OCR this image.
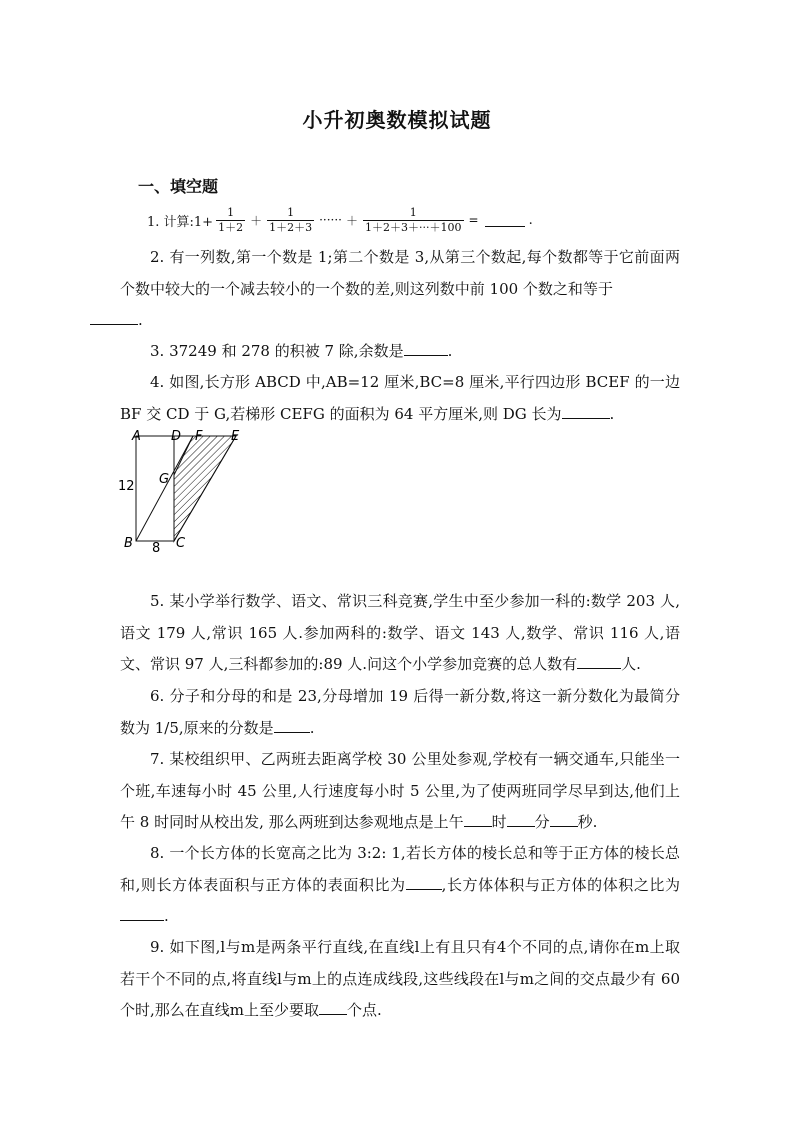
小升初奥数模拟试题
一、填空题
1. 计算:1+ $\frac{1}{1+2} + \frac{1}{1+2+3}$ ······ ＋ $\frac{1}{1+2+3+\cdot\cdot\cdot+100}$ =	.

2. 有一列数,第一个数是 1;第二个数是 3,从第三个数起,每个数都等于它前面两个数中较大的一个减去较小的一个数的差,则这列数中前 100 个数之和等于
.

3. 37249 和 278 的积被 7 除,余数是	.

4. 如图,长方形 ABCD 中,AB=12 厘米,BC=8 厘米,平行四边形 BCEF 的一边 BF 交 CD 于 G,若梯形 CEFG 的面积为 64 平方厘米,则 DG 长为	.

A D F E
G
B	C
12
8

5. 某小学举行数学、语文、常识三科竞赛,学生中至少参加一科的:数学 203 人,语文 179 人,常识 165 人.参加两科的:数学、语文 143 人,数学、常识 116 人,语文、常识 97 人,三科都参加的:89 人.问这个小学参加竞赛的总人数有	人.

6. 分子和分母的和是 23,分母增加 19 后得一新分数,将这一新分数化为最简分数为 1/5,原来的分数是 .

7. 某校组织甲、乙两班去距离学校 30 公里处参观,学校有一辆交通车,只能坐一个班,车速每小时 45 公里,人行速度每小时 5 公里,为了使两班同学尽早到达,他们上午 8 时同时从校出发, 那么两班到达参观地点是上午 时 分 秒.

8. 一个长方体的长宽高之比为 3:2: 1,若长方体的棱长总和等于正方体的棱长总和,则长方体表面积与正方体的表面积比为 ,长方体体积与正方体的体积之比为.

9. 如下图,l与m是两条平行直线,在直线l上有且只有4个不同的点,请你在m上取若干个不同的点,将直线l与m上的点连成线段,这些线段在l与m之间的交点最少有 60 个时,那么在直线m上至少要取 个点.
